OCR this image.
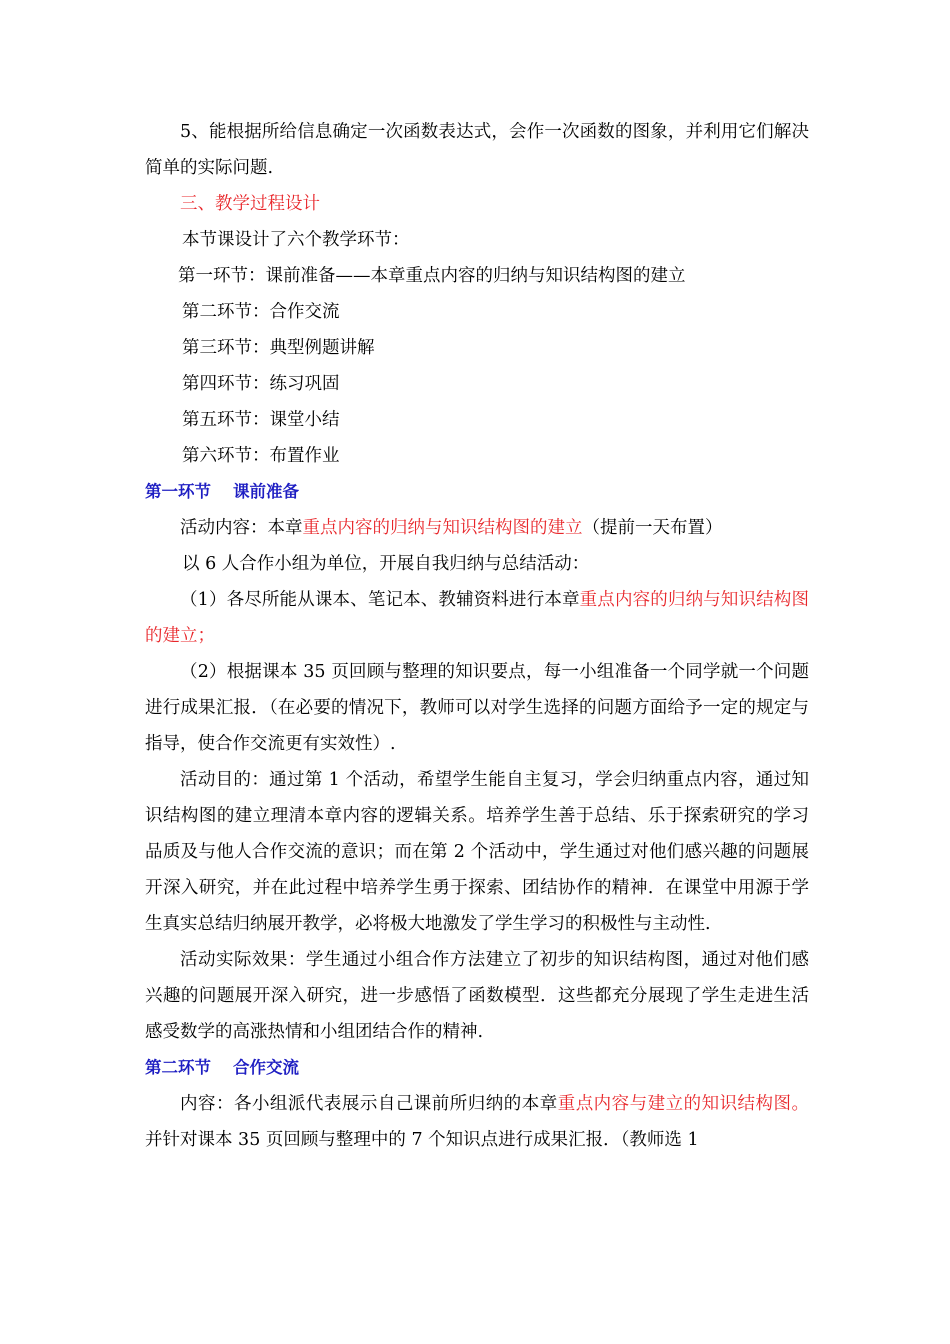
5、能根据所给信息确定一次函数表达式，会作一次函数的图象，并利用它们解决简单的实际问题.

三、教学过程设计

本节课设计了六个教学环节：

第一环节：课前准备——本章重点内容的归纳与知识结构图的建立

第二环节：合作交流

第三环节：典型例题讲解

第四环节：练习巩固

第五环节：课堂小结

第六环节：布置作业

第一环节 课前准备

活动内容：本章重点内容的归纳与知识结构图的建立（提前一天布置）

以 6 人合作小组为单位，开展自我归纳与总结活动：

（1）各尽所能从课本、笔记本、教辅资料进行本章重点内容的归纳与知识结构图的建立；

（2）根据课本 35 页回顾与整理的知识要点，每一小组准备一个同学就一个问题进行成果汇报．（在必要的情况下，教师可以对学生选择的问题方面给予一定的规定与指导，使合作交流更有实效性）.

活动目的：通过第 1 个活动，希望学生能自主复习，学会归纳重点内容，通过知识结构图的建立理清本章内容的逻辑关系。培养学生善于总结、乐于探索研究的学习品质及与他人合作交流的意识；而在第 2 个活动中，学生通过对他们感兴趣的问题展开深入研究，并在此过程中培养学生勇于探索、团结协作的精神．在课堂中用源于学生真实总结归纳展开教学，必将极大地激发了学生学习的积极性与主动性.

活动实际效果：学生通过小组合作方法建立了初步的知识结构图，通过对他们感兴趣的问题展开深入研究，进一步感悟了函数模型．这些都充分展现了学生走进生活感受数学的高涨热情和小组团结合作的精神.

第二环节 合作交流

内容：各小组派代表展示自己课前所归纳的本章重点内容与建立的知识结构图。并针对课本 35 页回顾与整理中的 7 个知识点进行成果汇报．（教师选 1
